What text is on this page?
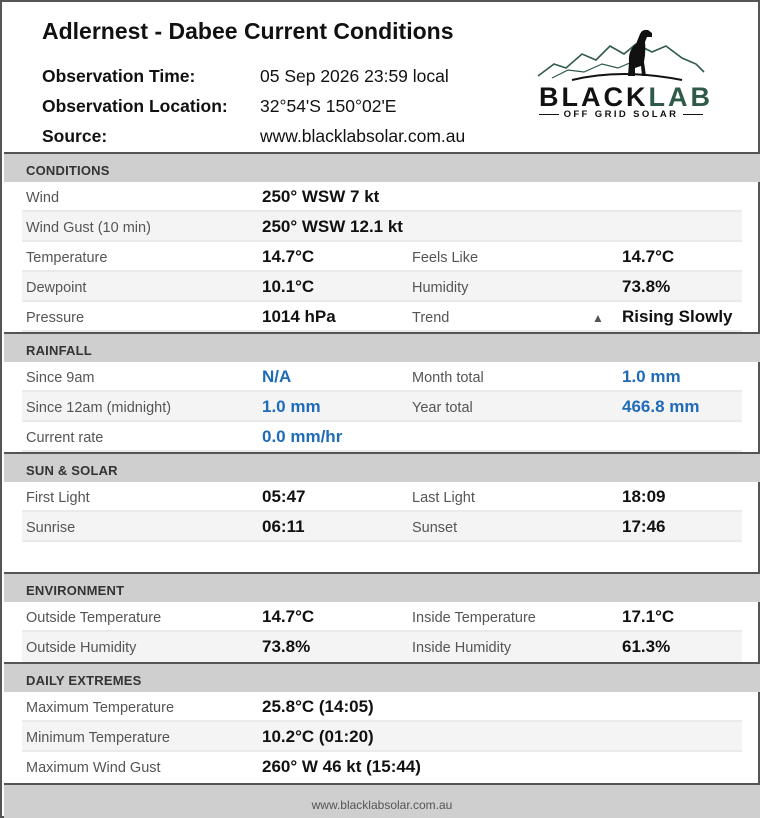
Adlernest - Dabee Current Conditions
Observation Time:	05 Sep 2026 23:59 local
Observation Location: 32°54'S 150°02'E
Source:	www.blacklabsolar.com.au
BLACKLAB
OFF GRID SOLAR
CONDITIONS
Wind	250° WSW 7 kt
Wind Gust (10 min)	250° WSW 12.1 kt
Temperature	14.7°C	Feels Like	14.7°C
Dewpoint	10.1°C	Humidity	73.8%
Pressure	1014 hPa	Trend	▲ Rising Slowly
RAINFALL
Since 9am	N/A	Month total	1.0 mm
Since 12am (midnight)	1.0 mm	Year total	466.8 mm
Current rate	0.0 mm/hr
SUN & SOLAR
First Light	05:47	Last Light	18:09
Sunrise	06:11	Sunset	17:46
ENVIRONMENT
Outside Temperature	14.7°C	Inside Temperature	17.1°C
Outside Humidity	73.8%	Inside Humidity	61.3%
DAILY EXTREMES
Maximum Temperature	25.8°C (14:05)
Minimum Temperature	10.2°C (01:20)
Maximum Wind Gust	260° W 46 kt (15:44)
www.blacklabsolar.com.au
